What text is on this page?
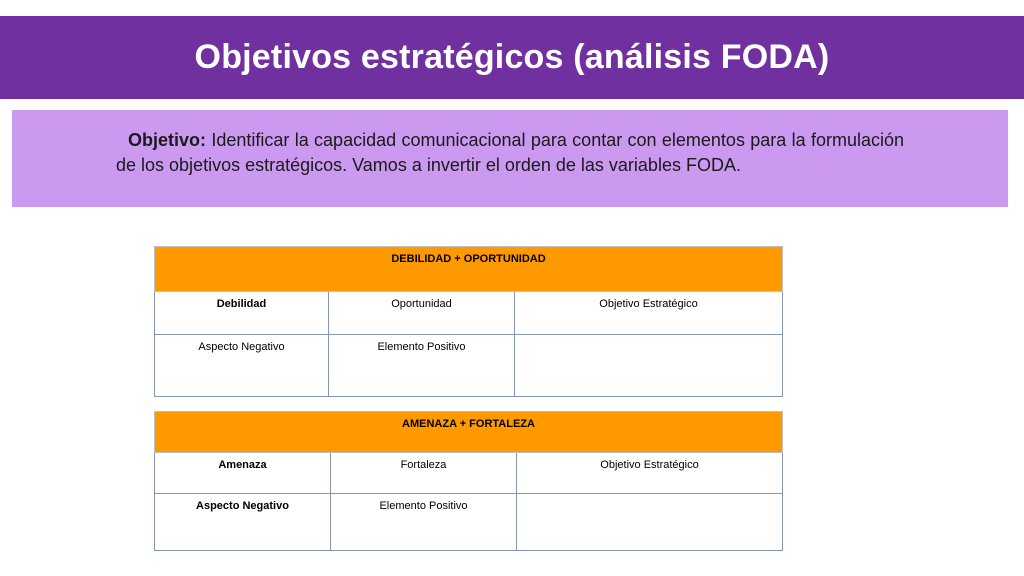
Objetivos estratégicos (análisis FODA)

Objetivo: Identificar la capacidad comunicacional para contar con elementos para la formulación de los objetivos estratégicos. Vamos a invertir el orden de las variables FODA.

DEBILIDAD + OPORTUNIDAD		
Debilidad	Oportunidad	Objetivo Estratégico
Aspecto Negativo	Elemento Positivo	
AMENAZA + FORTALEZA		
Amenaza	Fortaleza	Objetivo Estratégico
Aspecto Negativo	Elemento Positivo	
